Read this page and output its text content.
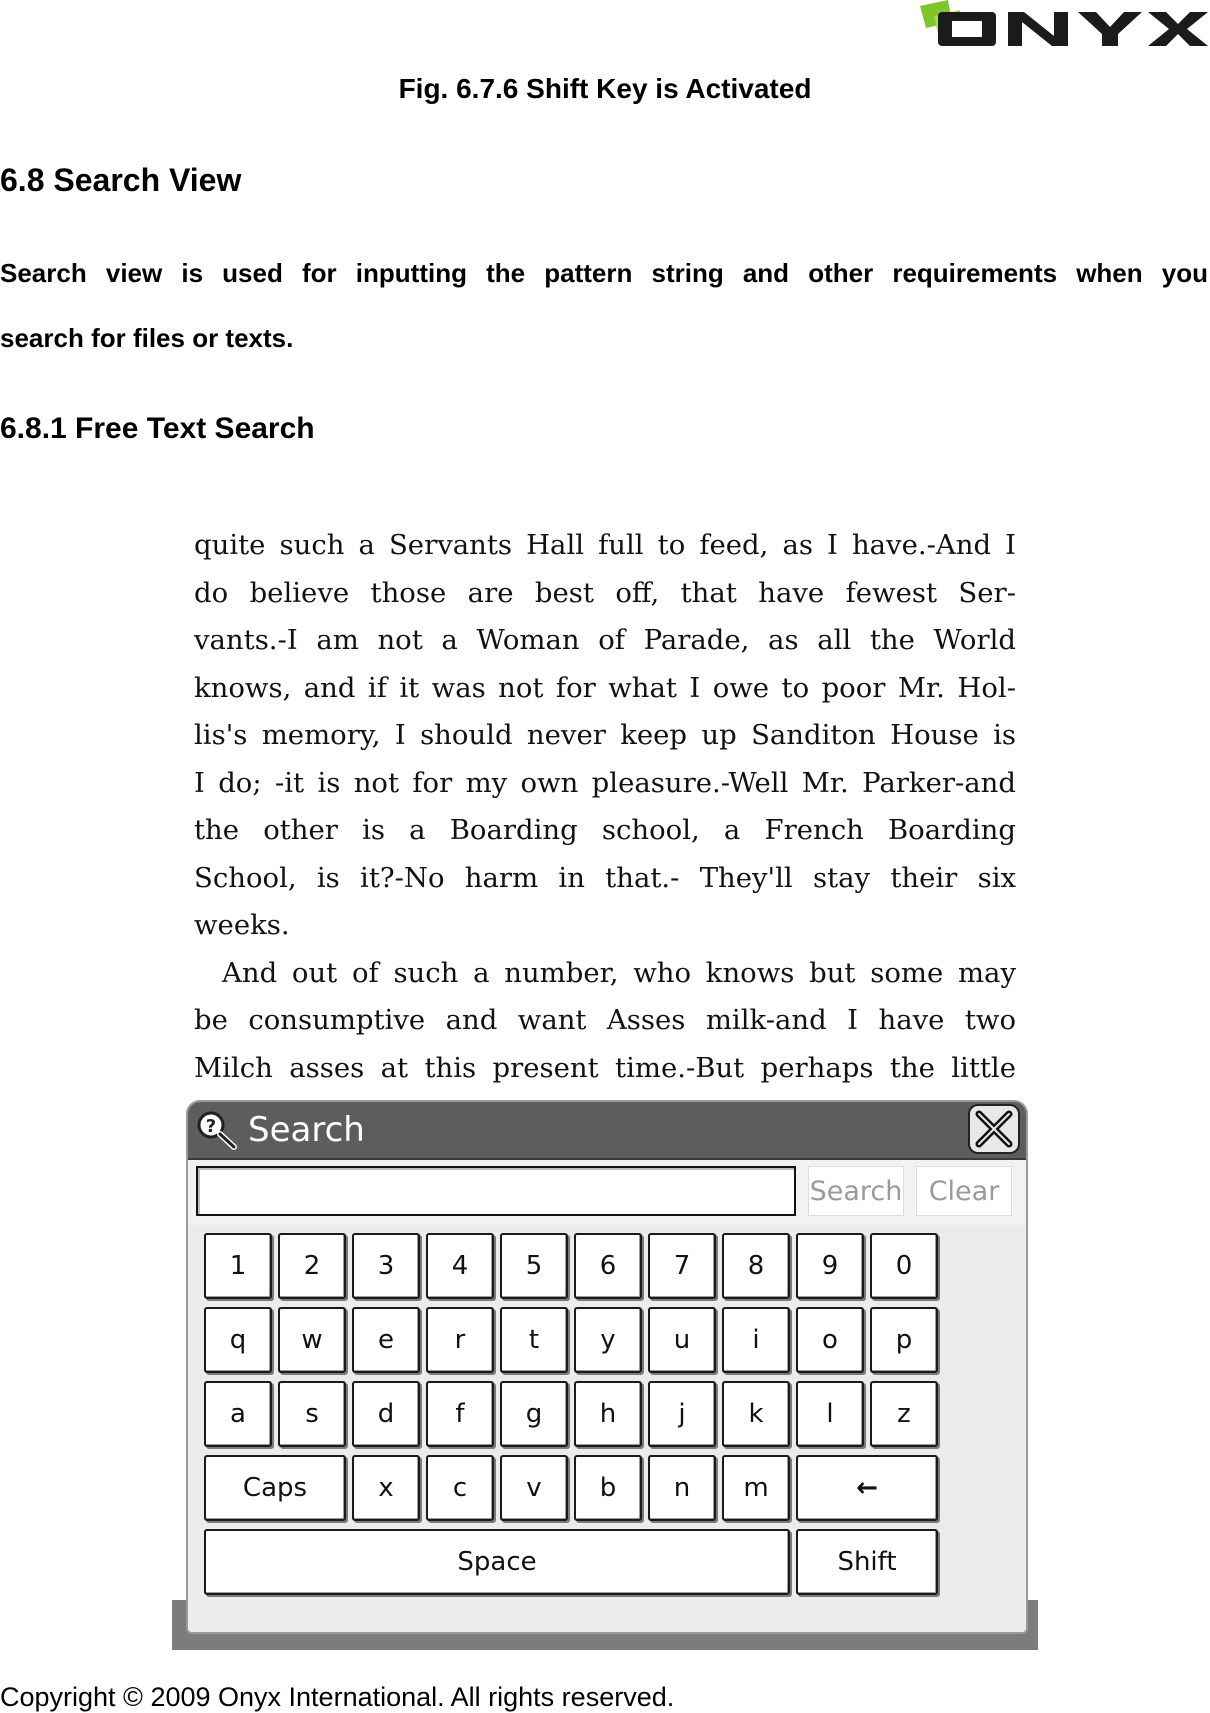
Fig. 6.7.6 Shift Key is Activated
6.8 Search View
Search view is used for inputting the pattern string and other requirements when you
search for files or texts.
6.8.1 Free Text Search
quite such a Servants Hall full to feed, as I have.-And I
do believe those are best off, that have fewest Ser-
vants.-I am not a Woman of Parade, as all the World
knows, and if it was not for what I owe to poor Mr. Hol-
lis's memory, I should never keep up Sanditon House is
I do; -it is not for my own pleasure.-Well Mr. Parker-and
the other is a Boarding school, a French Boarding
School, is it?-No harm in that.- They'll stay their six
weeks.
And out of such a number, who knows but some may
be consumptive and want Asses milk-and I have two
Milch asses at this present time.-But perhaps the little
? Search
Search Clear
1	2	3	4	5	6	7	8	9	0
q	w	e	r	t	y	u	i	o	p
a	s	d	f	g	h	j	k	l	z
Caps	x	c	v	b	n	m	←
Space	Shift
Copyright © 2009 Onyx International. All rights reserved.
